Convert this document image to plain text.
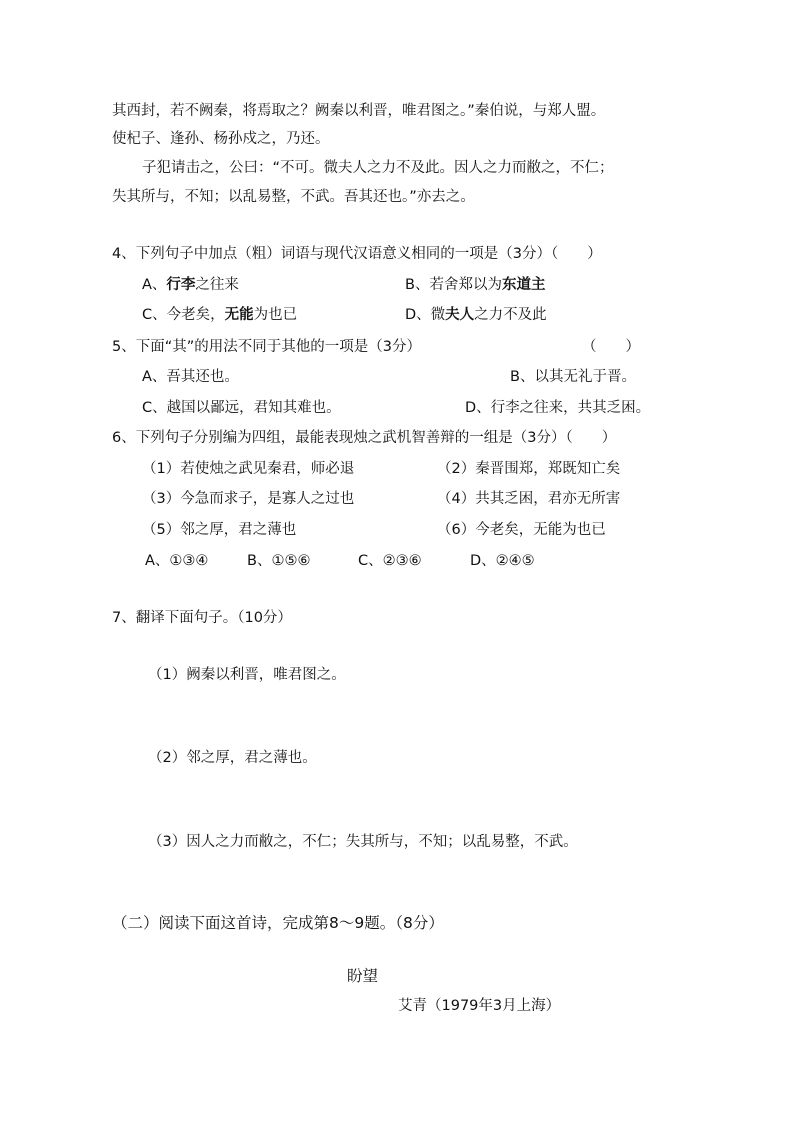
其西封，若不阙秦，将焉取之？阙秦以利晋，唯君图之。”秦伯说，与郑人盟。
使杞子、逢孙、杨孙戍之，乃还。
子犯请击之，公曰：“不可。微夫人之力不及此。因人之力而敝之，不仁；
失其所与，不知；以乱易整，不武。吾其还也。”亦去之。
4、下列句子中加点（粗）词语与现代汉语意义相同的一项是（3分）（　　）
A、行李之往来	B、若舍郑以为东道主
C、今老矣，无能为也已	D、微夫人之力不及此
5、下面“其”的用法不同于其他的一项是（3分）	（　　）
A、吾其还也。	B、以其无礼于晋。
C、越国以鄙远，君知其难也。	D、行李之往来，共其乏困。
6、下列句子分别编为四组，最能表现烛之武机智善辩的一组是（3分）（　　）
（1）若使烛之武见秦君，师必退	（2）秦晋围郑，郑既知亡矣
（3）今急而求子，是寡人之过也	（4）共其乏困，君亦无所害
（5）邻之厚，君之薄也	（6）今老矣，无能为也已
A、①③④	B、①⑤⑥	C、②③⑥	D、②④⑤
7、翻译下面句子。（10分）
（1）阙秦以利晋，唯君图之。
（2）邻之厚，君之薄也。
（3）因人之力而敝之，不仁；失其所与，不知；以乱易整，不武。
（二）阅读下面这首诗，完成第8～9题。（8分）
盼望
艾青（1979年3月上海）
